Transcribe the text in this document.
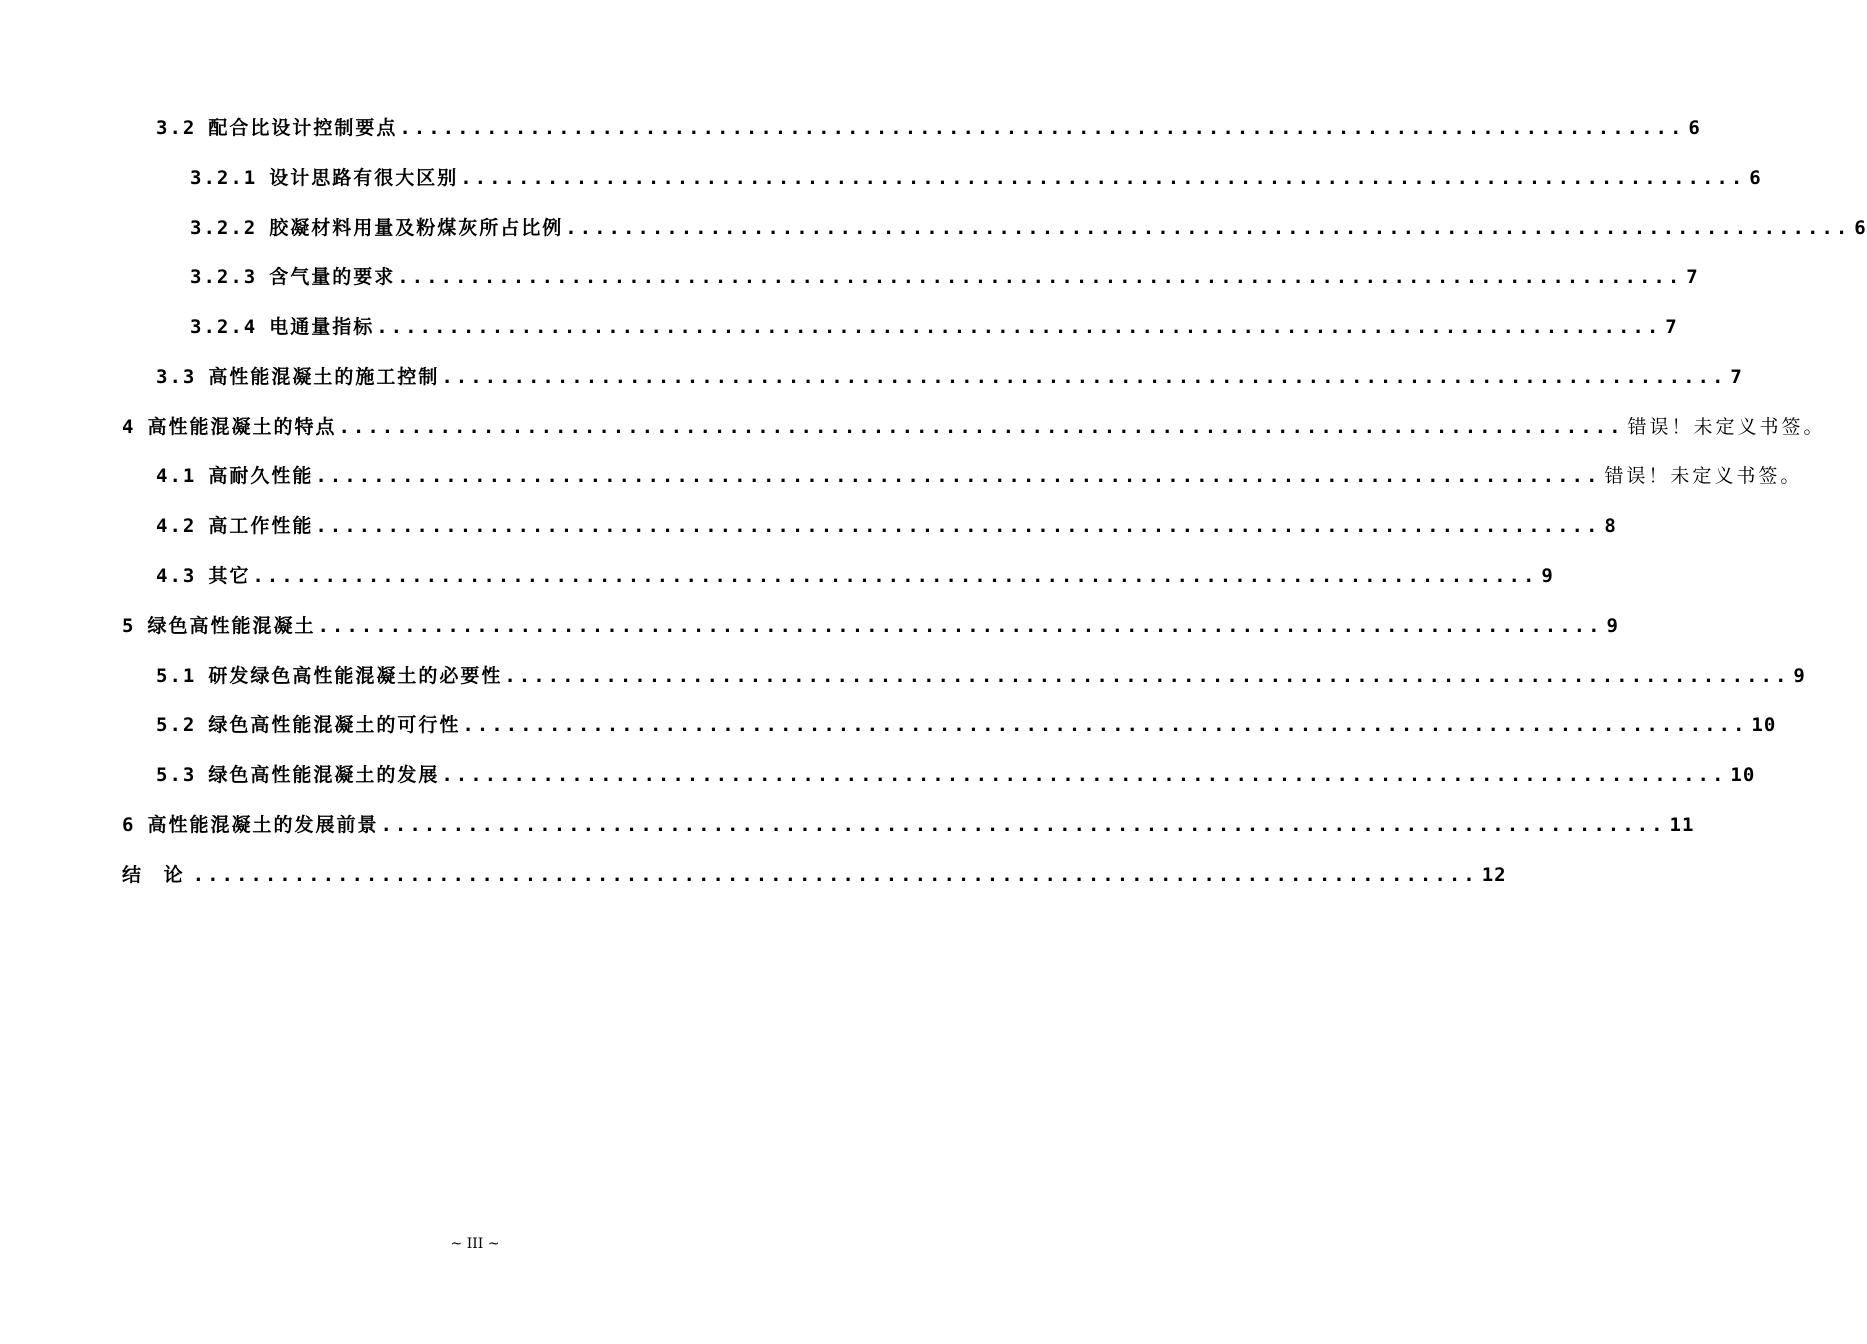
3.2 配合比设计控制要点 ......................................................................................... 6
3.2.1 设计思路有很大区别 ......................................................................................... 6
3.2.2 胶凝材料用量及粉煤灰所占比例 ......................................................................................... 6
3.2.3 含气量的要求 ......................................................................................... 7
3.2.4 电通量指标 ......................................................................................... 7
3.3 高性能混凝土的施工控制 ......................................................................................... 7
4 高性能混凝土的特点 ......................................................................................... 错误！未定义书签。
4.1 高耐久性能 ......................................................................................... 错误！未定义书签。
4.2 高工作性能 ......................................................................................... 8
4.3 其它 ......................................................................................... 9
5 绿色高性能混凝土 ......................................................................................... 9
5.1 研发绿色高性能混凝土的必要性 ......................................................................................... 9
5.2 绿色高性能混凝土的可行性 ......................................................................................... 10
5.3 绿色高性能混凝土的发展 ......................................................................................... 10
6 高性能混凝土的发展前景 ......................................................................................... 11
结 论 ......................................................................................... 12
~ III ~
